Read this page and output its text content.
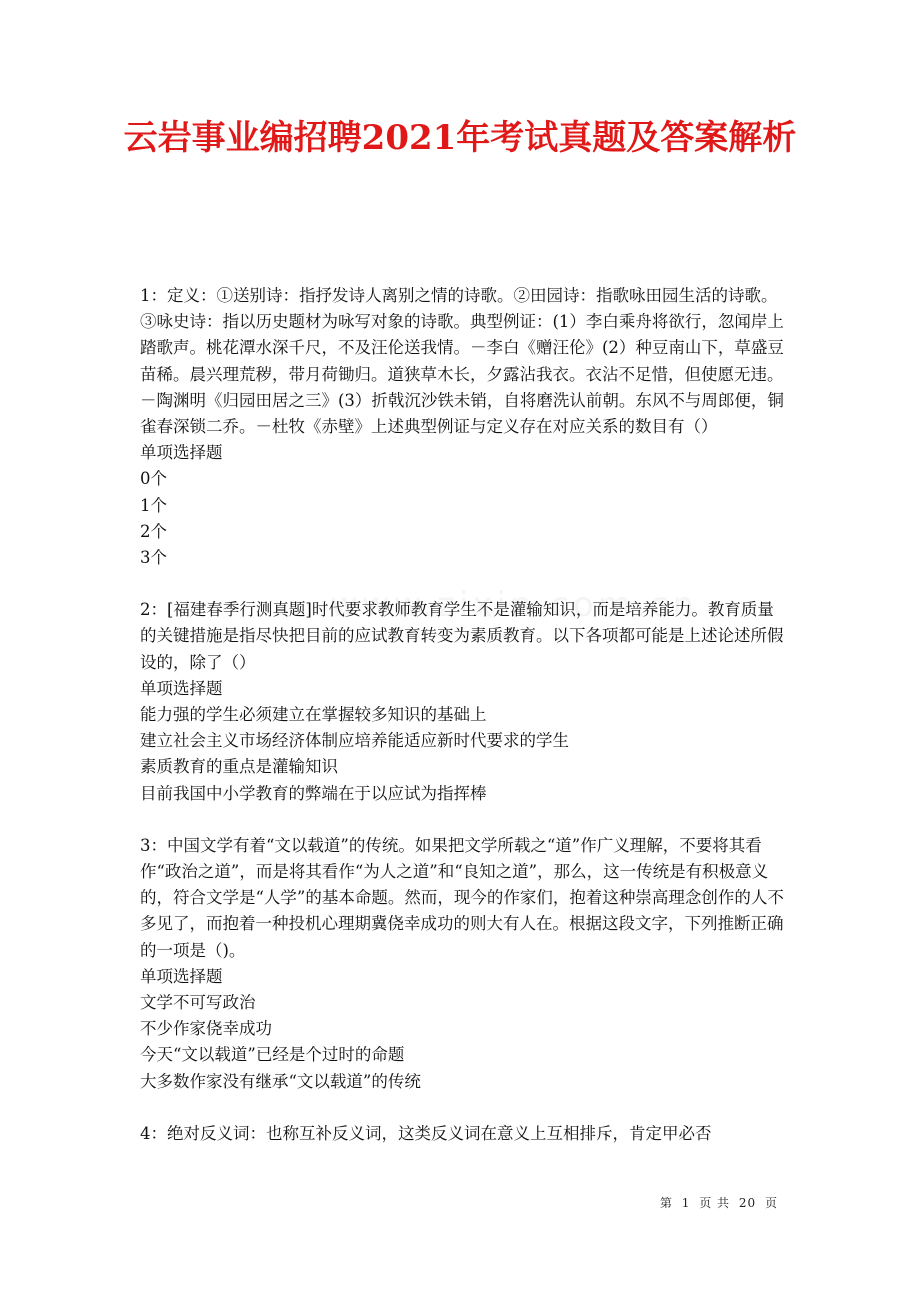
云岩事业编招聘2021年考试真题及答案解析

1：定义：①送别诗：指抒发诗人离别之情的诗歌。②田园诗：指歌咏田园生活的诗歌。③咏史诗：指以历史题材为咏写对象的诗歌。典型例证：(1）李白乘舟将欲行，忽闻岸上踏歌声。桃花潭水深千尺，不及汪伦送我情。－李白《赠汪伦》(2）种豆南山下，草盛豆苗稀。晨兴理荒秽，带月荷锄归。道狭草木长，夕露沾我衣。衣沾不足惜，但使愿无违。－陶渊明《归园田居之三》(3）折戟沉沙铁未销，自将磨洗认前朝。东风不与周郎便，铜雀春深锁二乔。－杜牧《赤壁》上述典型例证与定义存在对应关系的数目有（）

单项选择题

0个

1个

2个

3个

2：[福建春季行测真题]时代要求教师教育学生不是灌输知识，而是培养能力。教育质量的关键措施是指尽快把目前的应试教育转变为素质教育。以下各项都可能是上述论述所假设的，除了（）

单项选择题

能力强的学生必须建立在掌握较多知识的基础上

建立社会主义市场经济体制应培养能适应新时代要求的学生

素质教育的重点是灌输知识

目前我国中小学教育的弊端在于以应试为指挥棒

3：中国文学有着“文以载道”的传统。如果把文学所载之“道”作广义理解，不要将其看作“政治之道”，而是将其看作“为人之道”和“良知之道”，那么，这一传统是有积极意义的，符合文学是“人学”的基本命题。然而，现今的作家们，抱着这种崇高理念创作的人不多见了，而抱着一种投机心理期冀侥幸成功的则大有人在。根据这段文字，下列推断正确的一项是（)。

单项选择题

文学不可写政治

不少作家侥幸成功

今天“文以载道”已经是个过时的命题

大多数作家没有继承“文以载道”的传统

4：绝对反义词：也称互补反义词，这类反义词在意义上互相排斥，肯定甲必否

第 1 页 共 20 页
